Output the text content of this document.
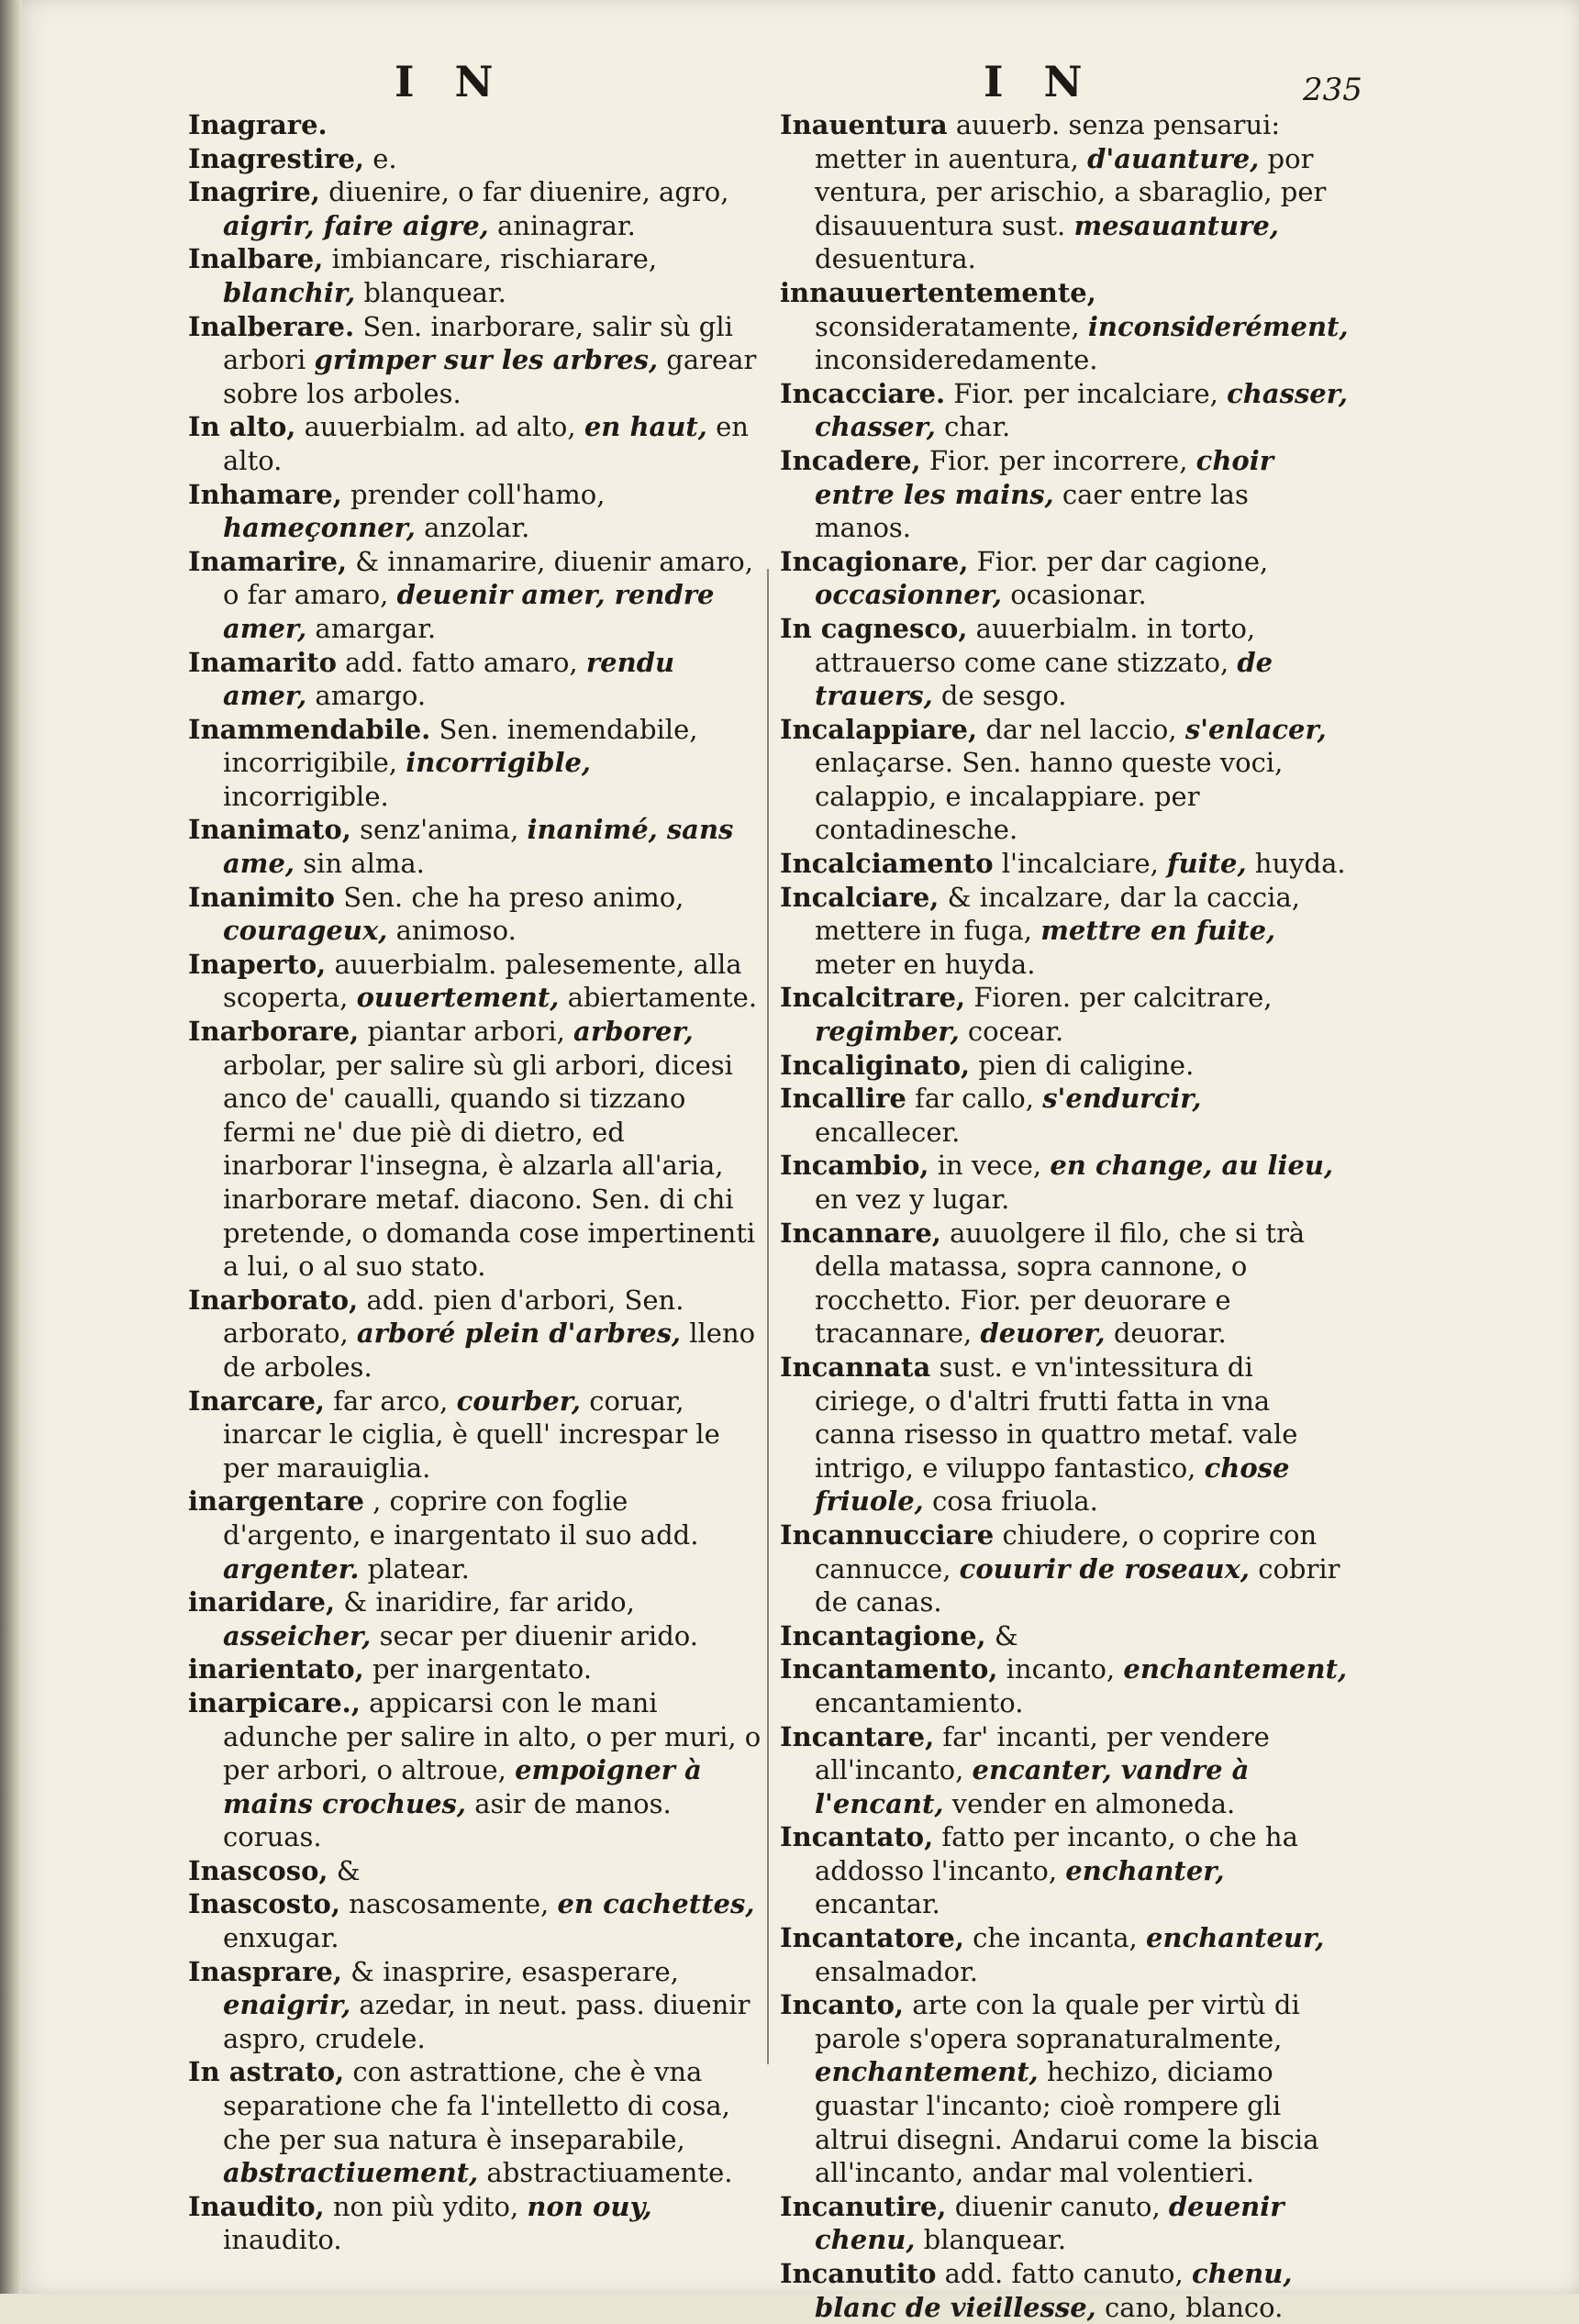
I N	I N	235

Inagrare.

Inagrestire, e.

Inagrire, diuenire, o far diuenire, agro, aigrir, faire aigre, aninagrar.

Inalbare, imbiancare, rischiarare, blanchir, blanquear.

Inalberare. Sen. inarborare, salir sù gli arbori grimper sur les arbres, garear sobre los arboles.

In alto, auuerbialm. ad alto, en haut, en alto.

Inhamare, prender coll'hamo, hameçonner, anzolar.

Inamarire, & innamarire, diuenir amaro, o far amaro, deuenir amer, rendre amer, amargar.

Inamarito add. fatto amaro, rendu amer, amargo.

Inammendabile. Sen. inemendabile, incorrigibile, incorrigible, incorrigible.

Inanimato, senz'anima, inanimé, sans ame, sin alma.

Inanimito Sen. che ha preso animo, courageux, animoso.

Inaperto, auuerbialm. palesemente, alla scoperta, ouuertement, abiertamente.

Inarborare, piantar arbori, arborer, arbolar, per salire sù gli arbori, dicesi anco de' caualli, quando si tizzano fermi ne' due piè di dietro, ed inarborar l'insegna, è alzarla all'aria, inarborare metaf. diacono. Sen. di chi pretende, o domanda cose impertinenti a lui, o al suo stato.

Inarborato, add. pien d'arbori, Sen. arborato, arboré plein d'arbres, lleno de arboles.

Inarcare, far arco, courber, coruar, inarcar le ciglia, è quell' increspar le per marauiglia.

inargentare , coprire con foglie d'argento, e inargentato il suo add. argenter. platear.

inaridare, & inaridire, far arido, asseicher, secar per diuenir arido.

inarientato, per inargentato.

inarpicare., appicarsi con le mani adunche per salire in alto, o per muri, o per arbori, o altroue, empoigner à mains crochues, asir de manos. coruas.

Inascoso, &

Inascosto, nascosamente, en cachettes, enxugar.

Inasprare, & inasprire, esasperare, enaigrir, azedar, in neut. pass. diuenir aspro, crudele.

In astrato, con astrattione, che è vna separatione che fa l'intelletto di cosa, che per sua natura è inseparabile, abstractiuement, abstractiuamente.

Inaudito, non più ydito, non ouy, inaudito.

Inauentura auuerb. senza pensarui: metter in auentura, d'auanture, por ventura, per arischio, a sbaraglio, per disauuentura sust. mesauanture, desuentura.

innauuertentemente, sconsideratamente, inconsiderément, inconsideredamente.

Incacciare. Fior. per incalciare, chasser, chasser, char.

Incadere, Fior. per incorrere, choir entre les mains, caer entre las manos.

Incagionare, Fior. per dar cagione, occasionner, ocasionar.

In cagnesco, auuerbialm. in torto, attrauerso come cane stizzato, de trauers, de sesgo.

Incalappiare, dar nel laccio, s'enlacer, enlaçarse. Sen. hanno queste voci, calappio, e incalappiare. per contadinesche.

Incalciamento l'incalciare, fuite, huyda.

Incalciare, & incalzare, dar la caccia, mettere in fuga, mettre en fuite, meter en huyda.

Incalcitrare, Fioren. per calcitrare, regimber, cocear.

Incaliginato, pien di caligine.

Incallire far callo, s'endurcir, encallecer.

Incambio, in vece, en change, au lieu, en vez y lugar.

Incannare, auuolgere il filo, che si trà della matassa, sopra cannone, o rocchetto. Fior. per deuorare e tracannare, deuorer, deuorar.

Incannata sust. e vn'intessitura di ciriege, o d'altri frutti fatta in vna canna risesso in quattro metaf. vale intrigo, e viluppo fantastico, chose friuole, cosa friuola.

Incannucciare chiudere, o coprire con cannucce, couurir de roseaux, cobrir de canas.

Incantagione, &

Incantamento, incanto, enchantement, encantamiento.

Incantare, far' incanti, per vendere all'incanto, encanter, vandre à l'encant, vender en almoneda.

Incantato, fatto per incanto, o che ha addosso l'incanto, enchanter, encantar.

Incantatore, che incanta, enchanteur, ensalmador.

Incanto, arte con la quale per virtù di parole s'opera sopranaturalmente, enchantement, hechizo, diciamo guastar l'incanto; cioè rompere gli altrui disegni. Andarui come la biscia all'incanto, andar mal volentieri.

Incanutire, diuenir canuto, deuenir chenu, blanquear.

Incanutito add. fatto canuto, chenu, blanc de vieillesse, cano, blanco.
